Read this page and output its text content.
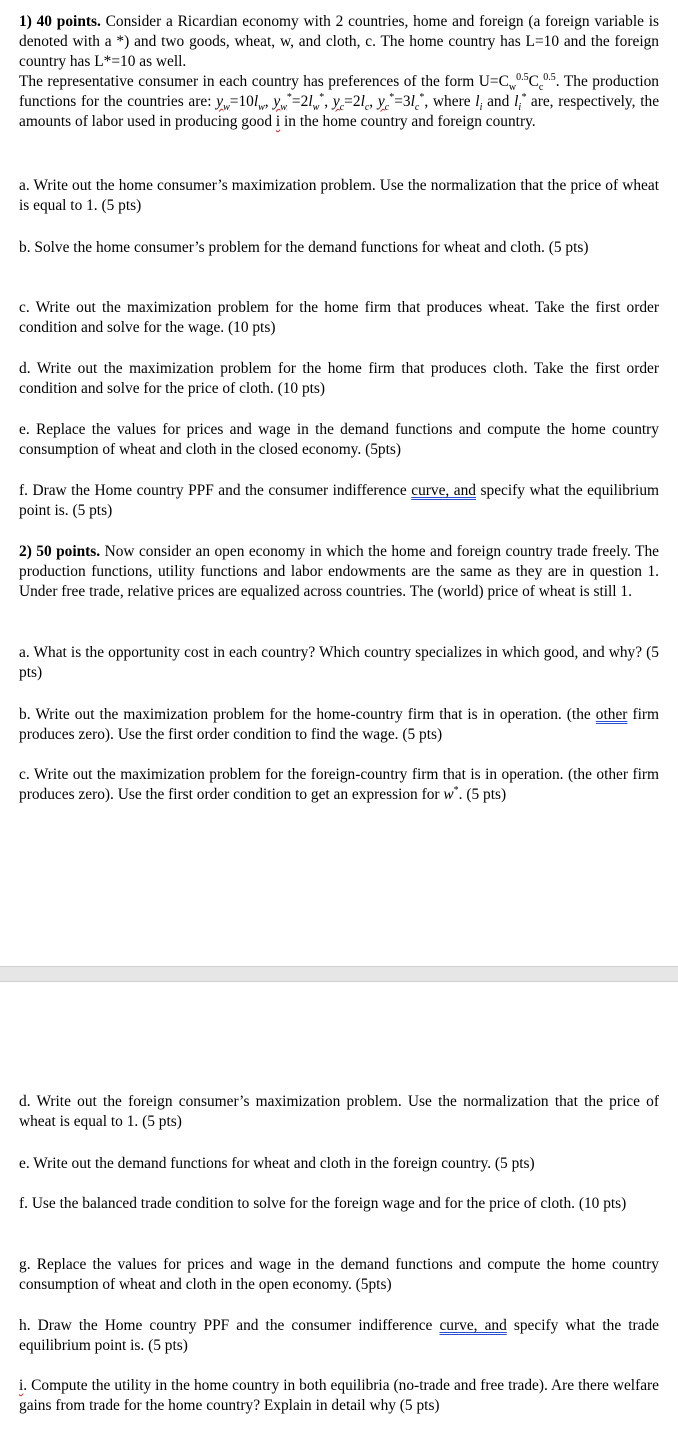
1) 40 points. Consider a Ricardian economy with 2 countries, home and foreign (a foreign variable is denoted with a *) and two goods, wheat, w, and cloth, c. The home country has L=10 and the foreign country has L*=10 as well.
The representative consumer in each country has preferences of the form $U=C_w^{0.5}C_c^{0.5}$. The production functions for the countries are: $y_w=10l_w$, $y_w^*=2l_w^*$, $y_c=2l_c$, $y_c^*=3l_c^*$, where $l_i$ and $l_i^*$ are, respectively, the amounts of labor used in producing good i in the home country and foreign country.

a. Write out the home consumer’s maximization problem. Use the normalization that the price of wheat is equal to 1. (5 pts)

b. Solve the home consumer’s problem for the demand functions for wheat and cloth. (5 pts)

c. Write out the maximization problem for the home firm that produces wheat. Take the first order condition and solve for the wage. (10 pts)

d. Write out the maximization problem for the home firm that produces cloth. Take the first order condition and solve for the price of cloth. (10 pts)

e. Replace the values for prices and wage in the demand functions and compute the home country consumption of wheat and cloth in the closed economy. (5pts)

f. Draw the Home country PPF and the consumer indifference curve, and specify what the equilibrium point is. (5 pts)

2) 50 points. Now consider an open economy in which the home and foreign country trade freely. The production functions, utility functions and labor endowments are the same as they are in question 1. Under free trade, relative prices are equalized across countries. The (world) price of wheat is still 1.

a. What is the opportunity cost in each country? Which country specializes in which good, and why? (5 pts)

b. Write out the maximization problem for the home-country firm that is in operation. (the other firm produces zero). Use the first order condition to find the wage. (5 pts)

c. Write out the maximization problem for the foreign-country firm that is in operation. (the other firm produces zero). Use the first order condition to get an expression for w*. (5 pts)

d. Write out the foreign consumer’s maximization problem. Use the normalization that the price of wheat is equal to 1. (5 pts)

e. Write out the demand functions for wheat and cloth in the foreign country. (5 pts)

f. Use the balanced trade condition to solve for the foreign wage and for the price of cloth. (10 pts)

g. Replace the values for prices and wage in the demand functions and compute the home country consumption of wheat and cloth in the open economy. (5pts)

h. Draw the Home country PPF and the consumer indifference curve, and specify what the trade equilibrium point is. (5 pts)

i. Compute the utility in the home country in both equilibria (no-trade and free trade). Are there welfare gains from trade for the home country? Explain in detail why (5 pts)
